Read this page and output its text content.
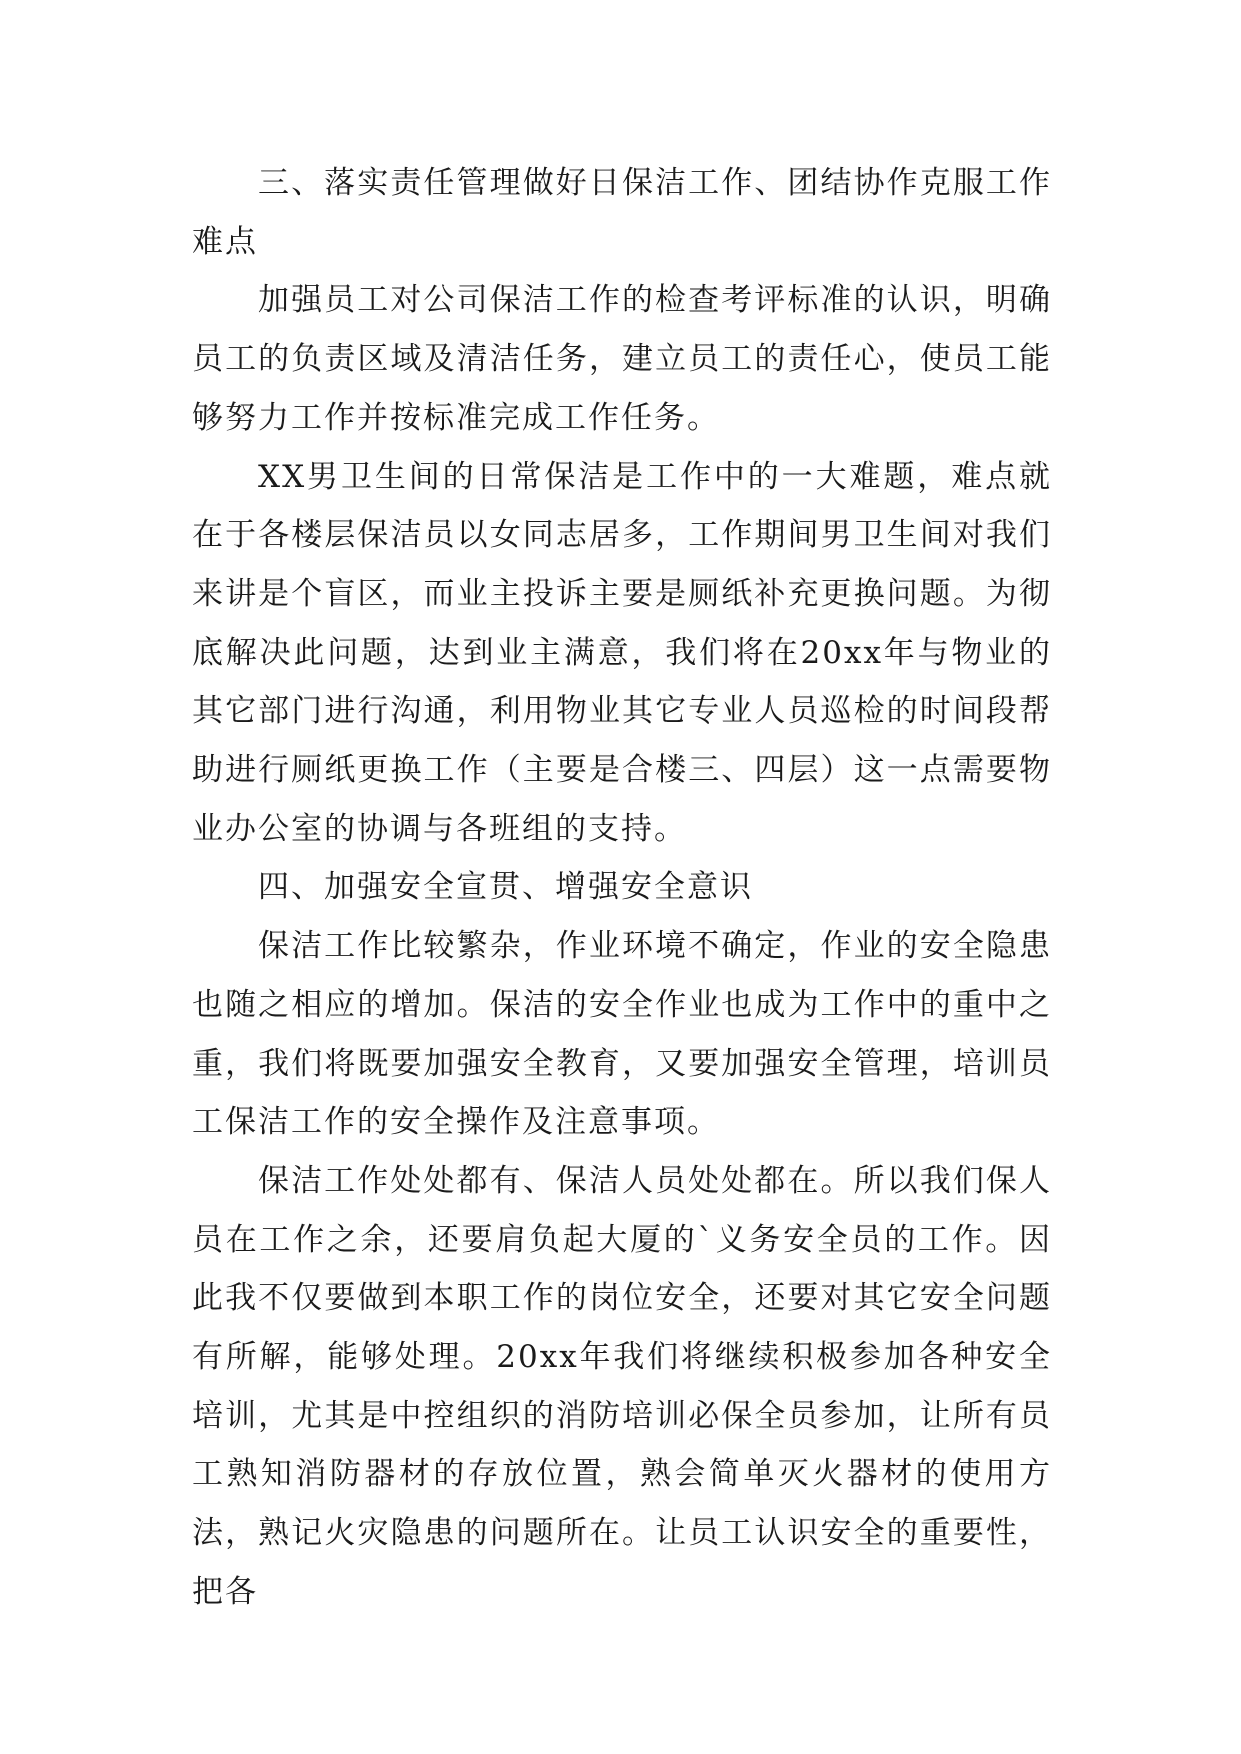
三、落实责任管理做好日保洁工作、团结协作克服工作难点

加强员工对公司保洁工作的检查考评标准的认识，明确员工的负责区域及清洁任务，建立员工的责任心，使员工能够努力工作并按标准完成工作任务。

XX男卫生间的日常保洁是工作中的一大难题，难点就在于各楼层保洁员以女同志居多，工作期间男卫生间对我们来讲是个盲区，而业主投诉主要是厕纸补充更换问题。为彻底解决此问题，达到业主满意，我们将在20xx年与物业的其它部门进行沟通，利用物业其它专业人员巡检的时间段帮助进行厕纸更换工作（主要是合楼三、四层）这一点需要物业办公室的协调与各班组的支持。

四、加强安全宣贯、增强安全意识

保洁工作比较繁杂，作业环境不确定，作业的安全隐患也随之相应的增加。保洁的安全作业也成为工作中的重中之重，我们将既要加强安全教育，又要加强安全管理，培训员工保洁工作的安全操作及注意事项。

保洁工作处处都有、保洁人员处处都在。所以我们保人员在工作之余，还要肩负起大厦的`义务安全员的工作。因此我不仅要做到本职工作的岗位安全，还要对其它安全问题有所解，能够处理。20xx年我们将继续积极参加各种安全培训，尤其是中控组织的消防培训必保全员参加，让所有员工熟知消防器材的存放位置，熟会简单灭火器材的使用方法，熟记火灾隐患的问题所在。让员工认识安全的重要性，把各
